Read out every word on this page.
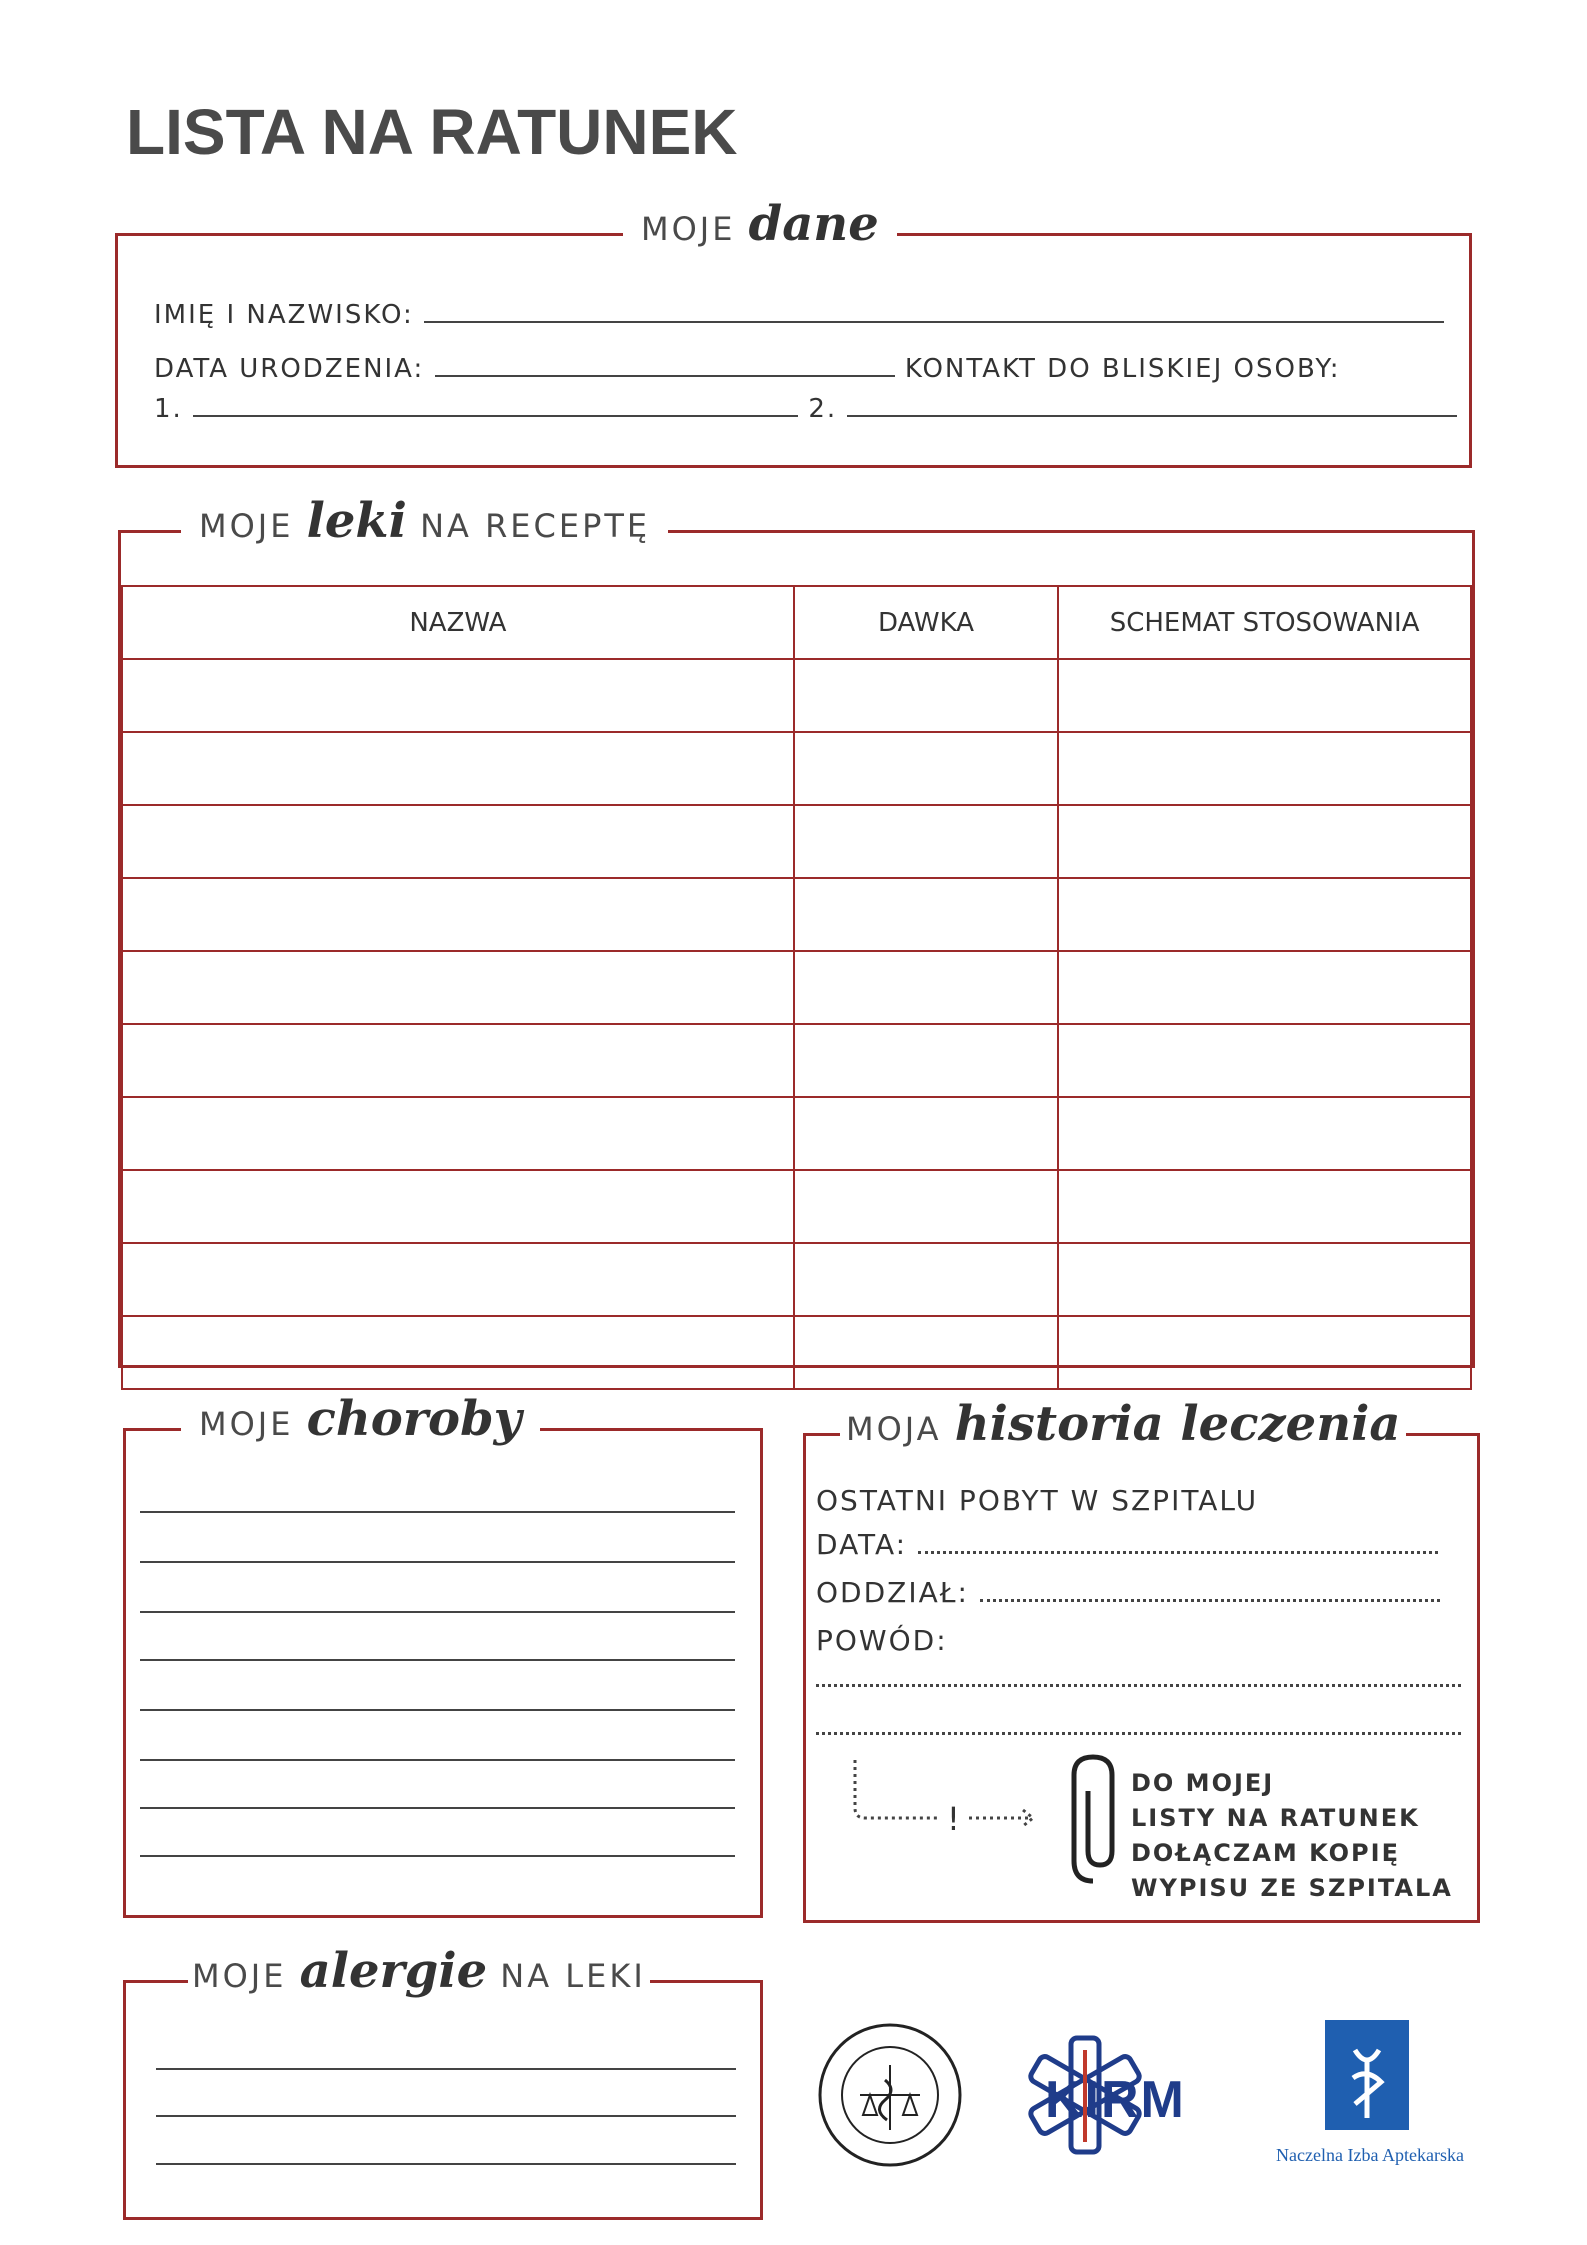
LISTA NA RATUNEK
MOJE dane
IMIĘ I NAZWISKO:
DATA URODZENIA:	KONTAKT DO BLISKIEJ OSOBY:
1.	2.
MOJE leki NA RECEPTĘ
NAZWA	DAWKA	SCHEMAT STOSOWANIA

MOJE choroby	MOJA historia leczenia
OSTATNI POBYT W SZPITALU
DATA:
ODDZIAŁ:
POWÓD:
!
DO MOJEJ
LISTY NA RATUNEK
DOŁĄCZAM KOPIĘ
WYPISU ZE SZPITALA
MOJE alergie NA LEKI
KIRM
Naczelna Izba Aptekarska
